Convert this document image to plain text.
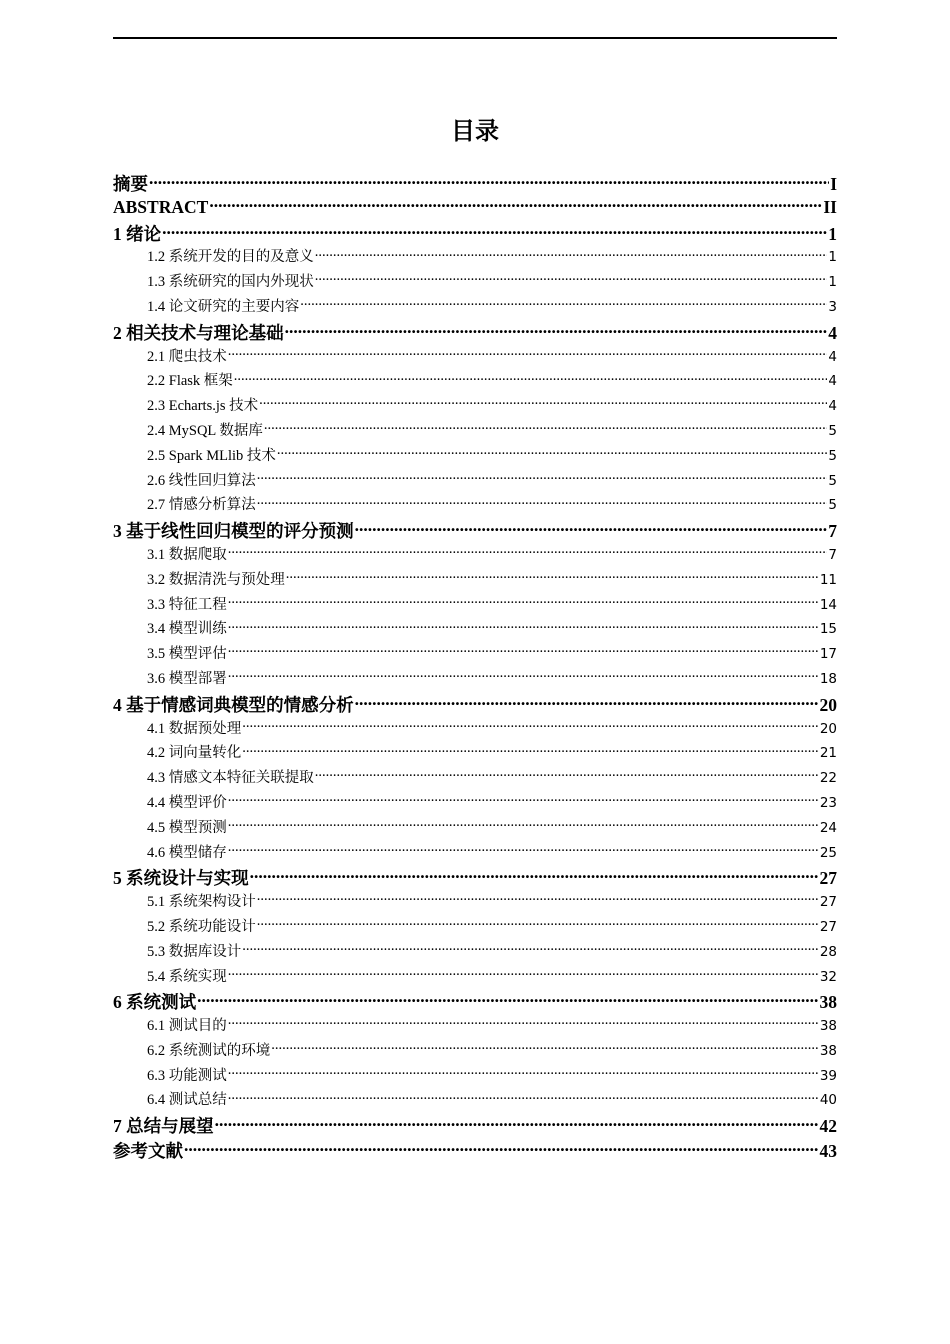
目录
摘要 .....	I
ABSTRACT .....	II
1 绪论 .....	1
1.2 系统开发的目的及意义 .....	1
1.3 系统研究的国内外现状 .....	1
1.4 论文研究的主要内容 .....	3
2 相关技术与理论基础 .....	4
2.1 爬虫技术 .....	4
2.2 Flask 框架 .....	4
2.3 Echarts.js 技术 .....	4
2.4 MySQL 数据库 .....	5
2.5 Spark MLlib 技术 .....	5
2.6 线性回归算法 .....	5
2.7 情感分析算法 .....	5
3 基于线性回归模型的评分预测 .....	7
3.1 数据爬取 .....	7
3.2 数据清洗与预处理 .....	11
3.3 特征工程 .....	14
3.4 模型训练 .....	15
3.5 模型评估 .....	17
3.6 模型部署 .....	18
4 基于情感词典模型的情感分析 .....	20
4.1 数据预处理 .....	20
4.2 词向量转化 .....	21
4.3 情感文本特征关联提取 .....	22
4.4 模型评价 .....	23
4.5 模型预测 .....	24
4.6 模型储存 .....	25
5 系统设计与实现 .....	27
5.1 系统架构设计 .....	27
5.2 系统功能设计 .....	27
5.3 数据库设计 .....	28
5.4 系统实现 .....	32
6 系统测试 .....	38
6.1 测试目的 .....	38
6.2 系统测试的环境 .....	38
6.3 功能测试 .....	39
6.4 测试总结 .....	40
7 总结与展望 .....	42
参考文献 .....	43
